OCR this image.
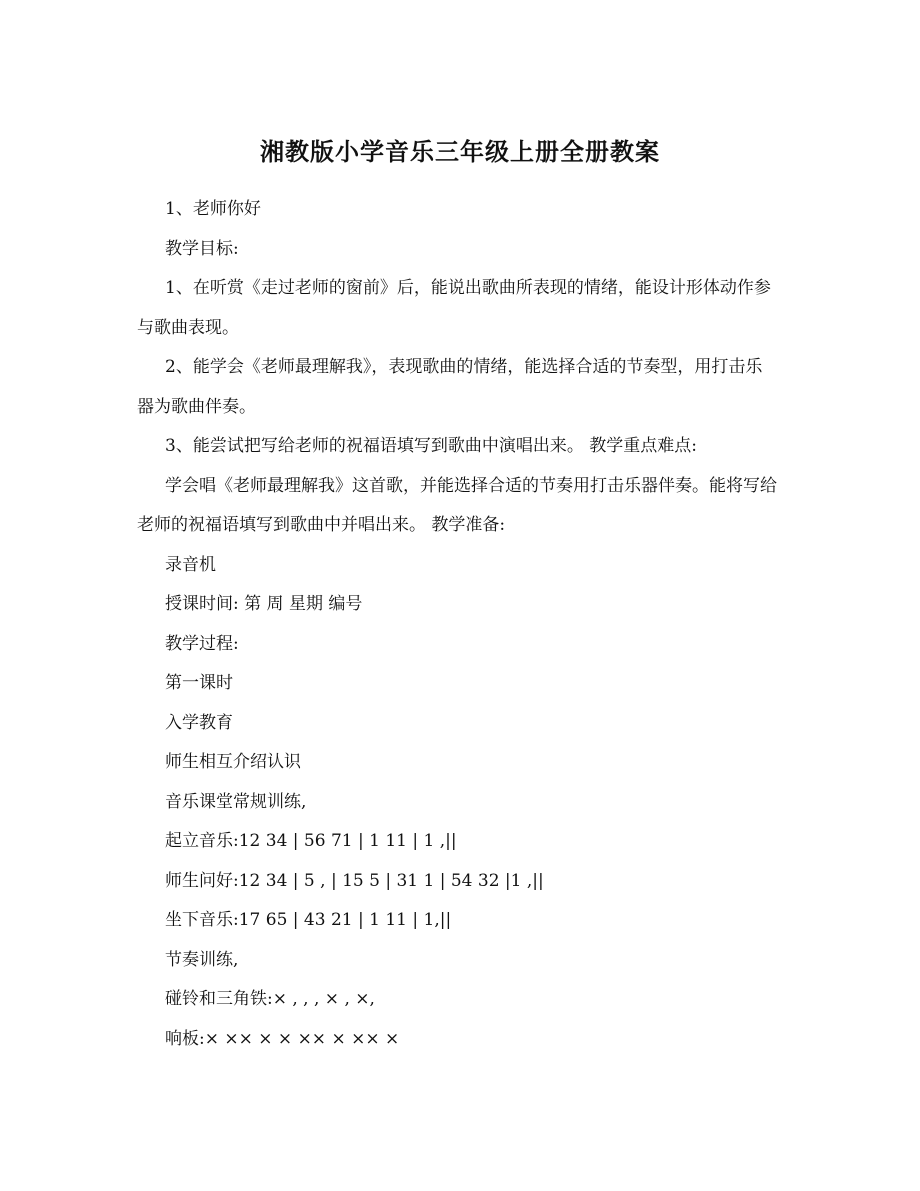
湘教版小学音乐三年级上册全册教案

1、老师你好

教学目标:

1、在听赏《走过老师的窗前》后，能说出歌曲所表现的情绪，能设计形体动作参与歌曲表现。

2、能学会《老师最理解我》，表现歌曲的情绪，能选择合适的节奏型，用打击乐器为歌曲伴奏。

3、能尝试把写给老师的祝福语填写到歌曲中演唱出来。 教学重点难点:

学会唱《老师最理解我》这首歌，并能选择合适的节奏用打击乐器伴奏。能将写给老师的祝福语填写到歌曲中并唱出来。 教学准备:

录音机

授课时间: 第 周 星期 编号

教学过程:

第一课时

入学教育

师生相互介绍认识

音乐课堂常规训练,

起立音乐:12 34 | 56 71 | 1 11 | 1 ,||

师生问好:12 34 | 5 , | 15 5 | 31 1 | 54 32 |1 ,||

坐下音乐:17 65 | 43 21 | 1 11 | 1,||

节奏训练,

碰铃和三角铁:× , , , × , ×,

响板:× ×× × × ×× × ×× ×
